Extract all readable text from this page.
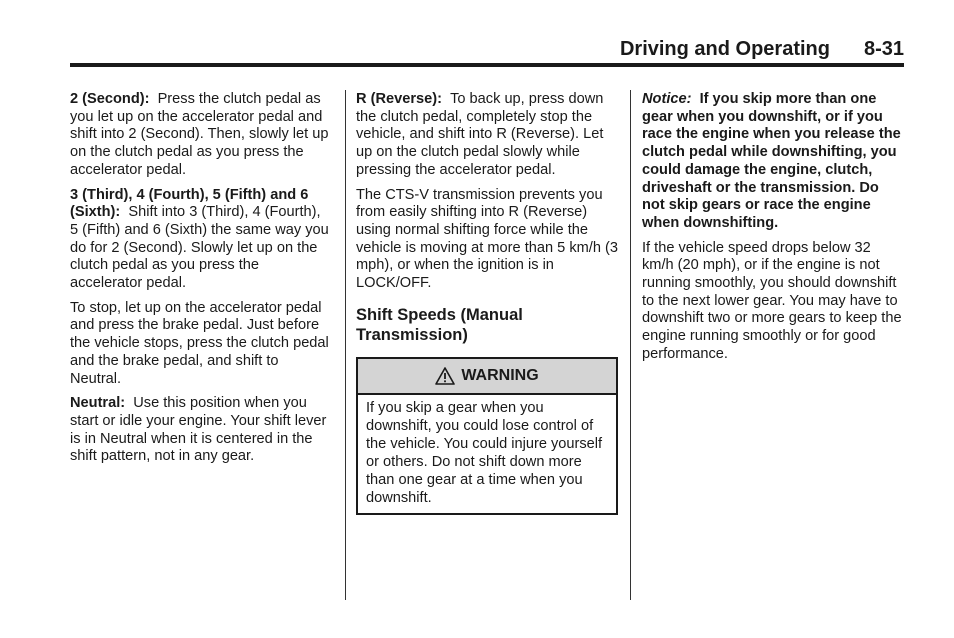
Driving and Operating 8-31

2 (Second): Press the clutch pedal as you let up on the accelerator pedal and shift into 2 (Second). Then, slowly let up on the clutch pedal as you press the accelerator pedal.

3 (Third), 4 (Fourth), 5 (Fifth) and 6 (Sixth): Shift into 3 (Third), 4 (Fourth), 5 (Fifth) and 6 (Sixth) the same way you do for 2 (Second). Slowly let up on the clutch pedal as you press the accelerator pedal.

To stop, let up on the accelerator pedal and press the brake pedal. Just before the vehicle stops, press the clutch pedal and the brake pedal, and shift to Neutral.

Neutral: Use this position when you start or idle your engine. Your shift lever is in Neutral when it is centered in the shift pattern, not in any gear.

R (Reverse): To back up, press down the clutch pedal, completely stop the vehicle, and shift into R (Reverse). Let up on the clutch pedal slowly while pressing the accelerator pedal.

The CTS-V transmission prevents you from easily shifting into R (Reverse) using normal shifting force while the vehicle is moving at more than 5 km/h (3 mph), or when the ignition is in LOCK/OFF.

Shift Speeds (Manual Transmission)
WARNING
If you skip a gear when you downshift, you could lose control of the vehicle. You could injure yourself or others. Do not shift down more than one gear at a time when you downshift.

Notice: If you skip more than one gear when you downshift, or if you race the engine when you release the clutch pedal while downshifting, you could damage the engine, clutch, driveshaft or the transmission. Do not skip gears or race the engine when downshifting.

If the vehicle speed drops below 32 km/h (20 mph), or if the engine is not running smoothly, you should downshift to the next lower gear. You may have to downshift two or more gears to keep the engine running smoothly or for good performance.
